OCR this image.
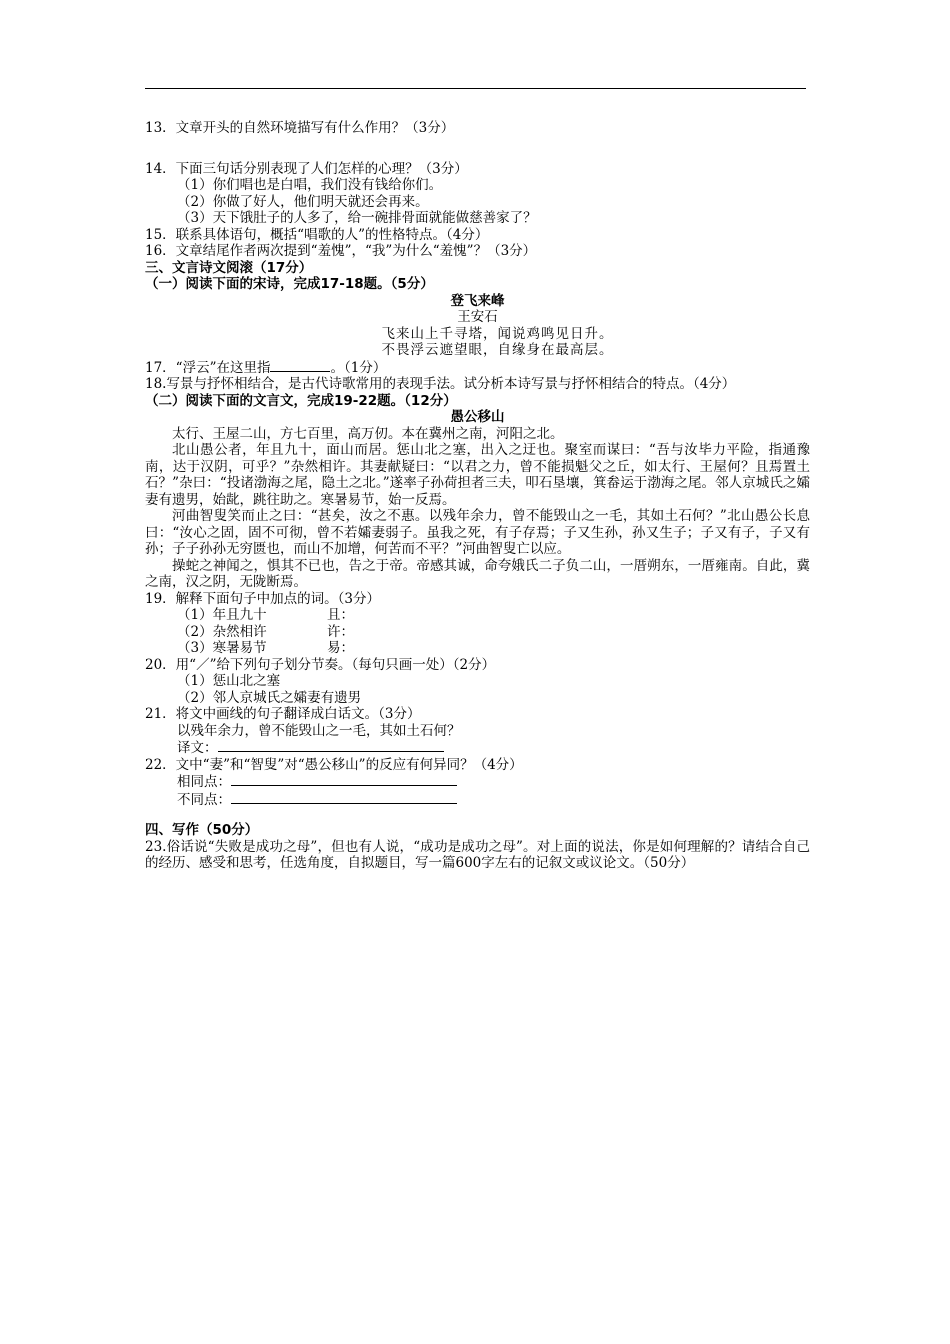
13．文章开头的自然环境描写有什么作用？（3分）
14．下面三句话分别表现了人们怎样的心理？（3分）
（1）你们唱也是白唱，我们没有钱给你们。
（2）你做了好人，他们明天就还会再来。
（3）天下饿肚子的人多了，给一碗排骨面就能做慈善家了？
15．联系具体语句，概括“唱歌的人”的性格特点。（4分）
16．文章结尾作者两次提到“羞愧”，“我”为什么“羞愧”？（3分）
三、文言诗文阅滚（17分）
（一）阅读下面的宋诗，完成17-18题。（5分）
登飞来峰
王安石
飞来山上千寻塔，闻说鸡鸣见日升。
不畏浮云遮望眼，自缘身在最高层。
17．“浮云”在这里指	。（1分）
18.写景与抒怀相结合，是古代诗歌常用的表现手法。试分析本诗写景与抒怀相结合的特点。（4分）
（二）阅读下面的文言文，完成19-22题。（12分）
愚公移山
太行、王屋二山，方七百里，高万仞。本在冀州之南，河阳之北。
北山愚公者，年且九十，面山而居。惩山北之塞，出入之迂也。聚室而谋曰：“吾与汝毕力平险，指通豫南，达于汉阴，可乎？”杂然相许。其妻献疑曰：“以君之力，曾不能损魁父之丘，如太行、王屋何？且焉置土石？”杂曰：“投诸渤海之尾，隐土之北。”遂率子孙荷担者三夫，叩石垦壤，箕畚运于渤海之尾。邻人京城氏之孀妻有遗男，始龀，跳往助之。寒暑易节，始一反焉。
河曲智叟笑而止之曰：“甚矣，汝之不惠。以残年余力，曾不能毁山之一毛，其如土石何？”北山愚公长息曰：“汝心之固，固不可彻，曾不若孀妻弱子。虽我之死，有子存焉；子又生孙，孙又生子；子又有子，子又有孙；子子孙孙无穷匮也，而山不加增，何苦而不平？”河曲智叟亡以应。
操蛇之神闻之，惧其不已也，告之于帝。帝感其诚，命夸娥氏二子负二山，一厝朔东，一厝雍南。自此，冀之南，汉之阴，无陇断焉。
19．解释下面句子中加点的词。（3分）
（1）年且九十	且：
（2）杂然相许	许：
（3）寒暑易节	易：
20．用“／”给下列句子划分节奏。（每句只画一处）（2分）
（1）惩山北之塞
（2）邻人京城氏之孀妻有遗男
21．将文中画线的句子翻译成白话文。（3分）
以残年余力，曾不能毁山之一毛，其如土石何？
译文：
22．文中“妻”和“智叟”对“愚公移山”的反应有何异同？（4分）
相同点：
不同点：
四、写作（50分）
23.俗话说“失败是成功之母”，但也有人说，“成功是成功之母”。对上面的说法，你是如何理解的？请结合自己的经历、感受和思考，任选角度，自拟题目，写一篇600字左右的记叙文或议论文。（50分）
